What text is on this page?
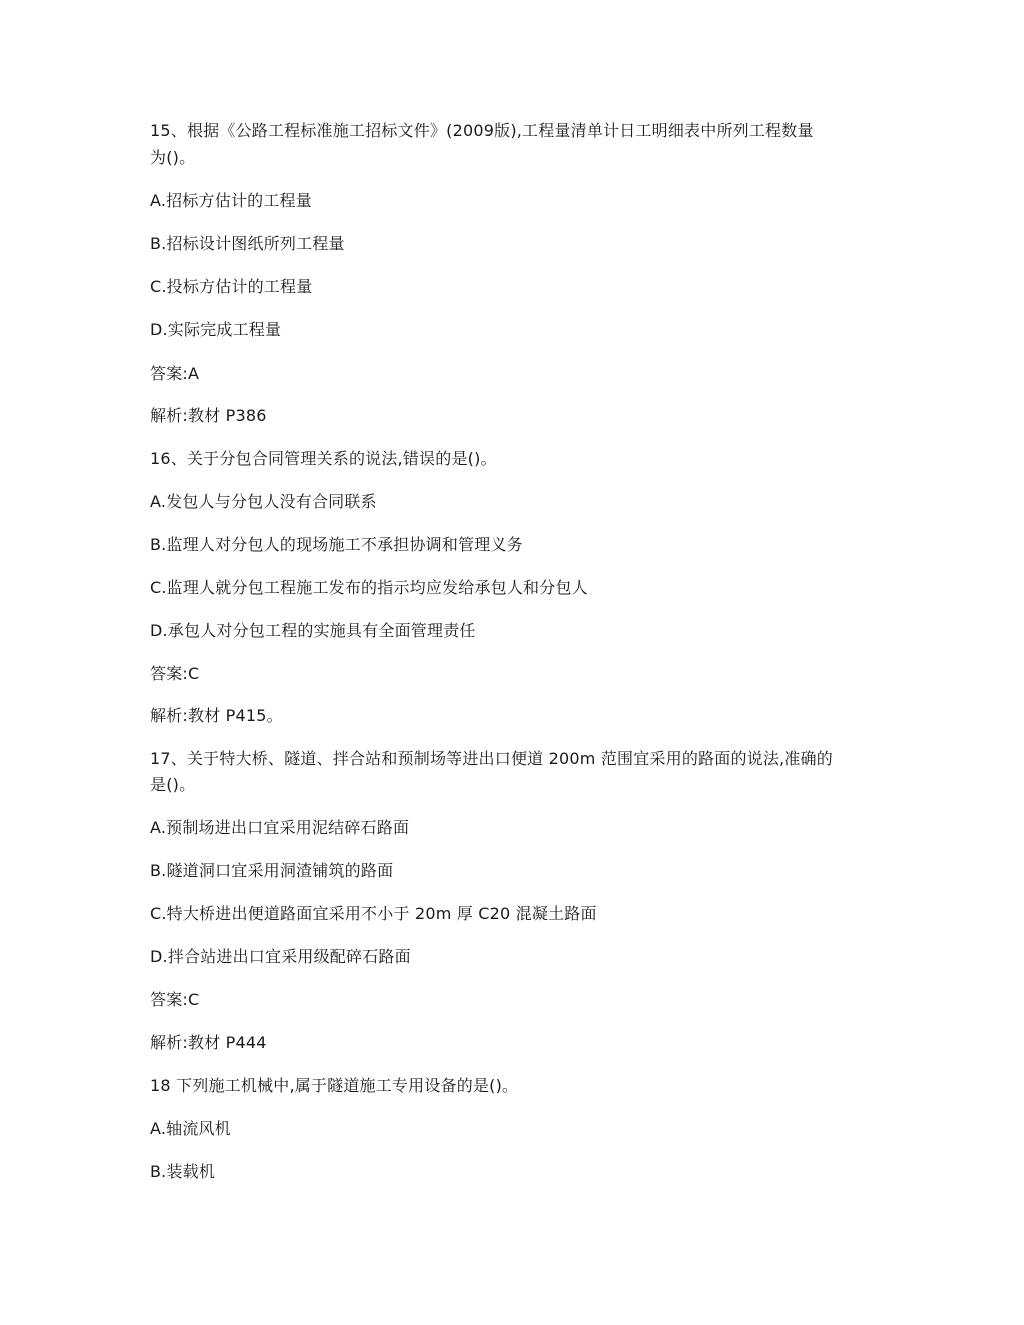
15、根据《公路工程标准施工招标文件》(2009版),工程量清单计日工明细表中所列工程数量
为()。
A.招标方估计的工程量
B.招标设计图纸所列工程量
C.投标方估计的工程量
D.实际完成工程量
答案:A
解析:教材 P386
16、关于分包合同管理关系的说法,错误的是()。
A.发包人与分包人没有合同联系
B.监理人对分包人的现场施工不承担协调和管理义务
C.监理人就分包工程施工发布的指示均应发给承包人和分包人
D.承包人对分包工程的实施具有全面管理责任
答案:C
解析:教材 P415。
17、关于特大桥、隧道、拌合站和预制场等进出口便道 200m 范围宜采用的路面的说法,准确的
是()。
A.预制场进出口宜采用泥结碎石路面
B.隧道洞口宜采用洞渣铺筑的路面
C.特大桥进出便道路面宜采用不小于 20m 厚 C20 混凝土路面
D.拌合站进出口宜采用级配碎石路面
答案:C
解析:教材 P444
18 下列施工机械中,属于隧道施工专用设备的是()。
A.轴流风机
B.装载机
